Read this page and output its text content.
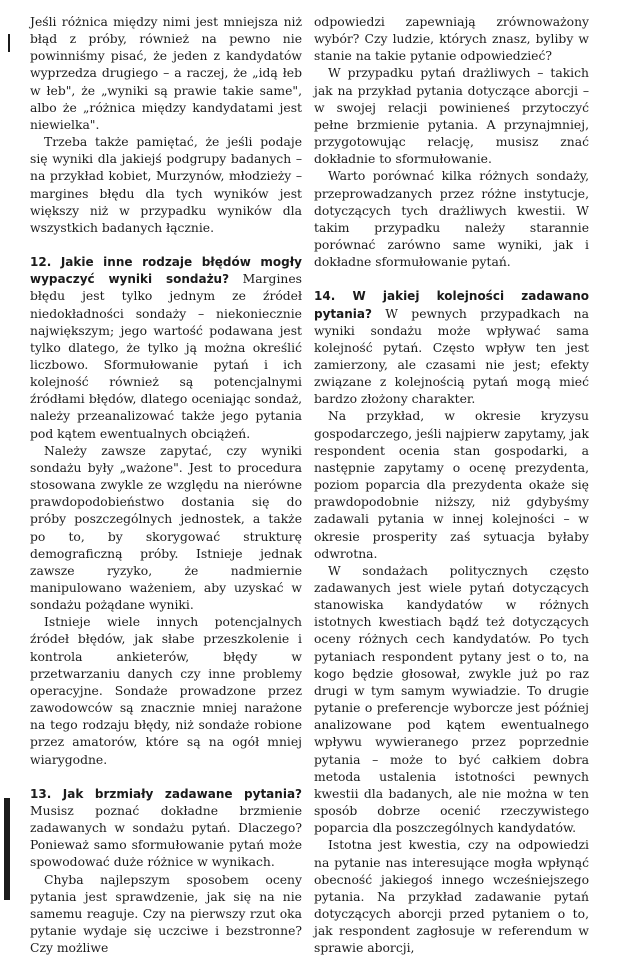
Jeśli różnica między nimi jest mniejsza niż błąd z próby, również na pewno nie powinniśmy pisać, że jeden z kandydatów wyprzedza drugiego – a raczej, że „idą łeb w łeb", że „wyniki są prawie takie same", albo że „różnica między kandydatami jest niewielka".

Trzeba także pamiętać, że jeśli podaje się wyniki dla jakiejś podgrupy badanych – na przykład kobiet, Murzynów, młodzieży – margines błędu dla tych wyników jest większy niż w przypadku wyników dla wszystkich badanych łącznie.

12. Jakie inne rodzaje błędów mogły wypaczyć wyniki sondażu? Margines błędu jest tylko jednym ze źródeł niedokładności sondaży – niekoniecznie największym; jego wartość podawana jest tylko dlatego, że tylko ją można określić liczbowo. Sformułowanie pytań i ich kolejność również są potencjalnymi źródłami błędów, dlatego oceniając sondaż, należy przeanalizować także jego pytania pod kątem ewentualnych obciążeń.

Należy zawsze zapytać, czy wyniki sondażu były „ważone". Jest to procedura stosowana zwykle ze względu na nierówne prawdopodobieństwo dostania się do próby poszczególnych jednostek, a także po to, by skorygować strukturę demograficzną próby. Istnieje jednak zawsze ryzyko, że nadmiernie manipulowano ważeniem, aby uzyskać w sondażu pożądane wyniki.

Istnieje wiele innych potencjalnych źródeł błędów, jak słabe przeszkolenie i kontrola ankieterów, błędy w przetwarzaniu danych czy inne problemy operacyjne. Sondaże prowadzone przez zawodowców są znacznie mniej narażone na tego rodzaju błędy, niż sondaże robione przez amatorów, które są na ogół mniej wiarygodne.

13. Jak brzmiały zadawane pytania? Musisz poznać dokładne brzmienie zadawanych w sondażu pytań. Dlaczego? Ponieważ samo sformułowanie pytań może spowodować duże różnice w wynikach.

Chyba najlepszym sposobem oceny pytania jest sprawdzenie, jak się na nie samemu reaguje. Czy na pierwszy rzut oka pytanie wydaje się uczciwe i bezstronne? Czy możliwe

odpowiedzi zapewniają zrównoważony wybór? Czy ludzie, których znasz, byliby w stanie na takie pytanie odpowiedzieć?

W przypadku pytań drażliwych – takich jak na przykład pytania dotyczące aborcji – w swojej relacji powinieneś przytoczyć pełne brzmienie pytania. A przynajmniej, przygotowując relację, musisz znać dokładnie to sformułowanie.

Warto porównać kilka różnych sondaży, przeprowadzanych przez różne instytucje, dotyczących tych drażliwych kwestii. W takim przypadku należy starannie porównać zarówno same wyniki, jak i dokładne sformułowanie pytań.

14. W jakiej kolejności zadawano pytania? W pewnych przypadkach na wyniki sondażu może wpływać sama kolejność pytań. Często wpływ ten jest zamierzony, ale czasami nie jest; efekty związane z kolejnością pytań mogą mieć bardzo złożony charakter.

Na przykład, w okresie kryzysu gospodarczego, jeśli najpierw zapytamy, jak respondent ocenia stan gospodarki, a następnie zapytamy o ocenę prezydenta, poziom poparcia dla prezydenta okaże się prawdopodobnie niższy, niż gdybyśmy zadawali pytania w innej kolejności – w okresie prosperity zaś sytuacja byłaby odwrotna.

W sondażach politycznych często zadawanych jest wiele pytań dotyczących stanowiska kandydatów w różnych istotnych kwestiach bądź też dotyczących oceny różnych cech kandydatów. Po tych pytaniach respondent pytany jest o to, na kogo będzie głosował, zwykle już po raz drugi w tym samym wywiadzie. To drugie pytanie o preferencje wyborcze jest później analizowane pod kątem ewentualnego wpływu wywieranego przez poprzednie pytania – może to być całkiem dobra metoda ustalenia istotności pewnych kwestii dla badanych, ale nie można w ten sposób dobrze ocenić rzeczywistego poparcia dla poszczególnych kandydatów.

Istotna jest kwestia, czy na odpowiedzi na pytanie nas interesujące mogła wpłynąć obecność jakiegoś innego wcześniejszego pytania. Na przykład zadawanie pytań dotyczących aborcji przed pytaniem o to, jak respondent zagłosuje w referendum w sprawie aborcji,
